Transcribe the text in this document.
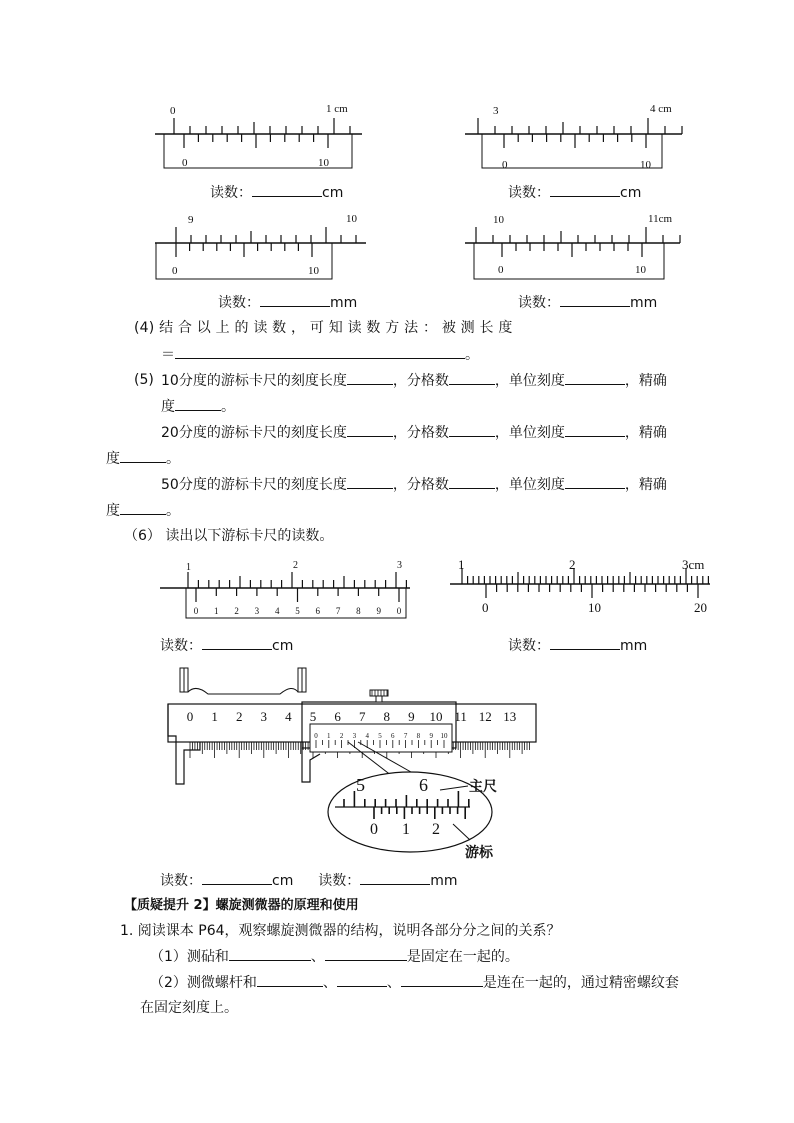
0	1 cm
0	10
3	4 cm
0	10
9	10
0	10
10	11cm
0	10
读数：	cm	读数：	cm
读数：	mm	读数：	mm
(4) 结 合 以 上 的 读 数 ， 可 知 读 数 方 法 ： 被 测 长 度
＝	。
(5) 10分度的游标卡尺的刻度长度	，分格数	，单位刻度	，精确
度	。
20分度的游标卡尺的刻度长度	，分格数	，单位刻度	，精确
度	。
50分度的游标卡尺的刻度长度	，分格数	，单位刻度	，精确
度	。
（6） 读出以下游标卡尺的读数。
0 1 2 3 4 5 6 7 8 9 0
1	2	3	1	2	3cm
0	10	20
读数：	cm	读数：	mm
0 1 2 3 4 5 6 7 8 9 10 11 12 13
0 1 2 3 4 5 6 7 8 9 10
5	6
0 1 2
主尺
游标
读数：	cm 读数：	mm
【质疑提升 2】螺旋测微器的原理和使用
1. 阅读课本 P64，观察螺旋测微器的结构，说明各部分分之间的关系？
（1）测砧和	、	是固定在一起的。
（2）测微螺杆和	、	、	是连在一起的，通过精密螺纹套
在固定刻度上。
